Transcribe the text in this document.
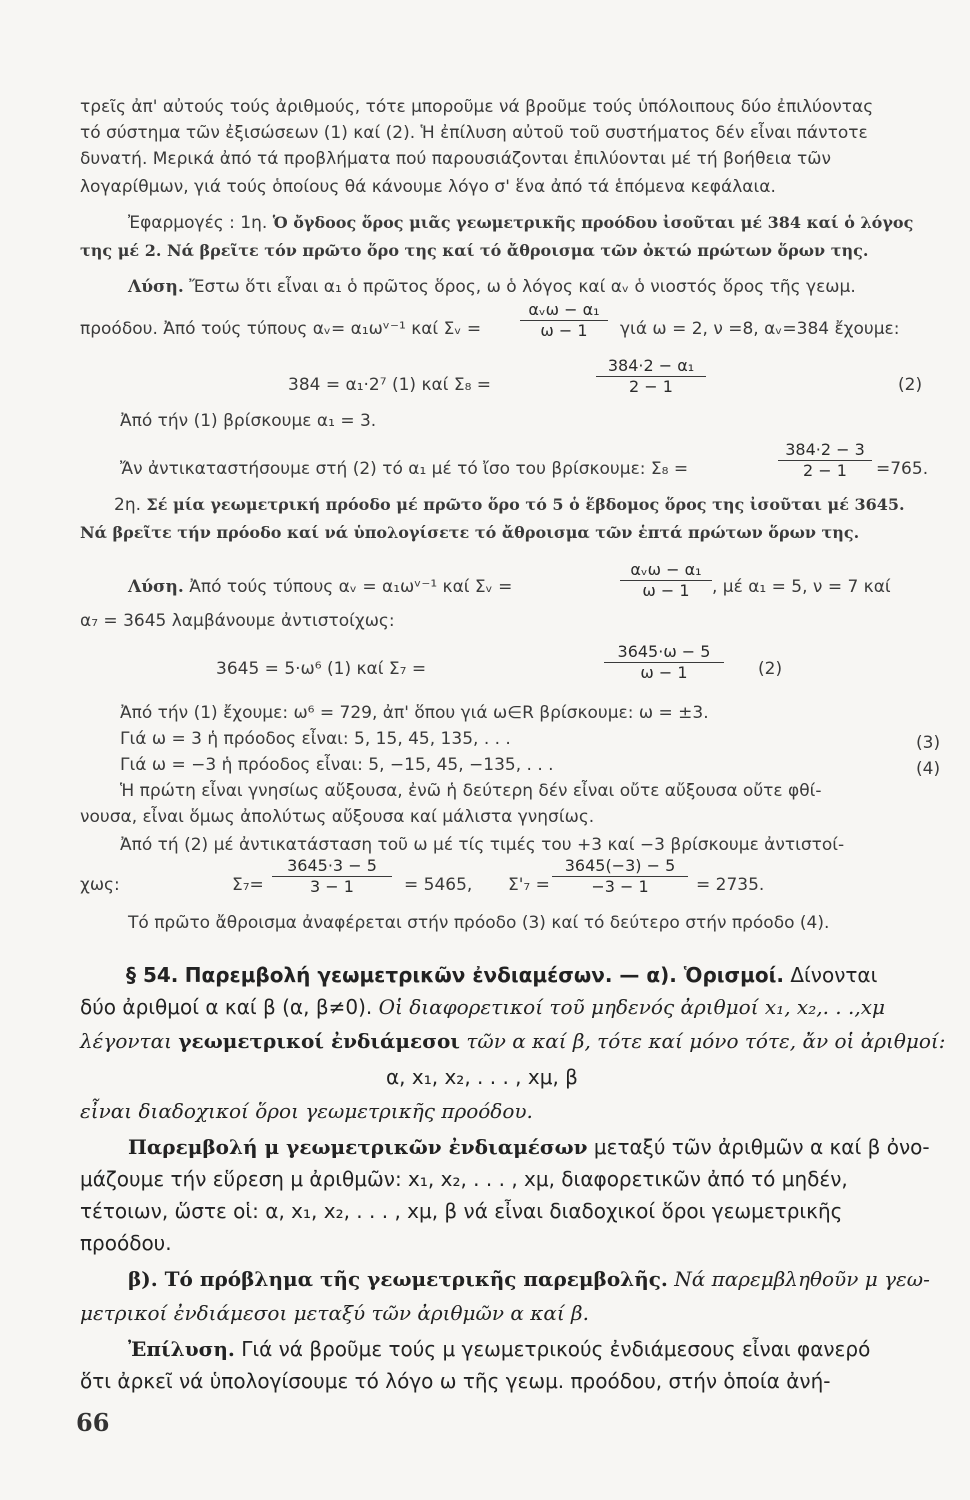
τρεῖς ἀπ' αὐτούς τούς ἀριθμούς, τότε μποροῦμε νά βροῦμε τούς ὑπόλοιπους δύο ἐπιλύοντας
τό σύστημα τῶν ἐξισώσεων (1) καί (2). Ἡ ἐπίλυση αὐτοῦ τοῦ συστήματος δέν εἶναι πάντοτε
δυνατή. Μερικά ἀπό τά προβλήματα πού παρουσιάζονται ἐπιλύονται μέ τή βοήθεια τῶν
λογαρίθμων, γιά τούς ὁποίους θά κάνουμε λόγο σ' ἕνα ἀπό τά ἑπόμενα κεφάλαια.
Ἐφαρμογές : 1η. Ὁ ὄγδοος ὅρος μιᾶς γεωμετρικῆς προόδου ἰσοῦται μέ 384 καί ὁ λόγος
της μέ 2. Νά βρεῖτε τόν πρῶτο ὅρο της καί τό ἄθροισμα τῶν ὀκτώ πρώτων ὅρων της.
Λύση. Ἔστω ὅτι εἶναι α₁ ὁ πρῶτος ὅρος, ω ὁ λόγος καί αᵥ ὁ νιοστός ὅρος τῆς γεωμ.
προόδου. Ἀπό τούς τύπους αᵥ= α₁ωᵛ⁻¹ καί Σᵥ =
αᵥω − α₁
ω − 1	γιά ω = 2, ν =8, αᵥ=384 ἔχουμε:
384 = α₁·2⁷ (1) καί Σ₈ =	$\frac{\text{384·2 − α₁}}{2 - 1}$	(2)
Ἀπό τήν (1) βρίσκουμε α₁ = 3.
Ἄν ἀντικαταστήσουμε στή (2) τό α₁ μέ τό ἴσο του βρίσκουμε: Σ₈ =	$\frac{384\cdot 2 - 3}{2 - 1} =765$.
2η. Σέ μία γεωμετρική πρόοδο μέ πρῶτο ὅρο τό 5 ὁ ἕβδομος ὅρος της ἰσοῦται μέ 3645.
Νά βρεῖτε τήν πρόοδο καί νά ὑπολογίσετε τό ἄθροισμα τῶν ἑπτά πρώτων ὅρων της.
Λύση. Ἀπό τούς τύπους αᵥ = α₁ωᵛ⁻¹ καί Σᵥ =
αᵥω − α₁
ω − 1	, μέ α₁ = 5, ν = 7 καί
α₇ = 3645 λαμβάνουμε ἀντιστοίχως:
3645 = 5·ω⁶ (1) καί Σ₇ =	$\frac{3645\cdot\omega - 5}{\omega - 1} (2)$
Ἀπό τήν (1) ἔχουμε: ω⁶ = 729, ἀπ' ὅπου γιά ω∈R βρίσκουμε: ω = ±3.
Γιά ω = 3 ἡ πρόοδος εἶναι: 5, 15, 45, 135, . . .	(3)
Γιά ω = −3 ἡ πρόοδος εἶναι: 5, −15, 45, −135, . . .	(4)
Ἡ πρώτη εἶναι γνησίως αὔξουσα, ἐνῶ ἡ δεύτερη δέν εἶναι οὔτε αὔξουσα οὔτε φθί-
νουσα, εἶναι ὅμως ἀπολύτως αὔξουσα καί μάλιστα γνησίως.
Ἀπό τή (2) μέ ἀντικατάσταση τοῦ ω μέ τίς τιμές του +3 καί −3 βρίσκουμε ἀντιστοί-
χως:	$\Sigma_7= \frac{3645\cdot 3 - 5}{3 - 1} = 5465$, $\Sigma'_7 = \frac{3645(-3) - 5}{-3 - 1} = 2735$.
Τό πρῶτο ἄθροισμα ἀναφέρεται στήν πρόοδο (3) καί τό δεύτερο στήν πρόοδο (4).
§ 54. Παρεμβολή γεωμετρικῶν ἐνδιαμέσων. — α). Ὁρισμοί. Δίνονται
δύο ἀριθμοί α καί β (α, β≠0). Οἱ διαφορετικοί τοῦ μηδενός ἀριθμοί x₁, x₂,. . .,xμ
λέγονται γεωμετρικοί ἐνδιάμεσοι τῶν α καί β, τότε καί μόνο τότε, ἄν οἱ ἀριθμοί:
α, x₁, x₂, . . . , xμ, β
εἶναι διαδοχικοί ὅροι γεωμετρικῆς προόδου.
Παρεμβολή μ γεωμετρικῶν ἐνδιαμέσων μεταξύ τῶν ἀριθμῶν α καί β ὀνο-
μάζουμε τήν εὕρεση μ ἀριθμῶν: x₁, x₂, . . . , xμ, διαφορετικῶν ἀπό τό μηδέν,
τέτοιων, ὥστε οἱ: α, x₁, x₂, . . . , xμ, β νά εἶναι διαδοχικοί ὅροι γεωμετρικῆς
προόδου.
β). Τό πρόβλημα τῆς γεωμετρικῆς παρεμβολῆς. Νά παρεμβληθοῦν μ γεω-
μετρικοί ἐνδιάμεσοι μεταξύ τῶν ἀριθμῶν α καί β.
Ἐπίλυση. Γιά νά βροῦμε τούς μ γεωμετρικούς ἐνδιάμεσους εἶναι φανερό
ὅτι ἀρκεῖ νά ὑπολογίσουμε τό λόγο ω τῆς γεωμ. προόδου, στήν ὁποία ἀνή-
66
